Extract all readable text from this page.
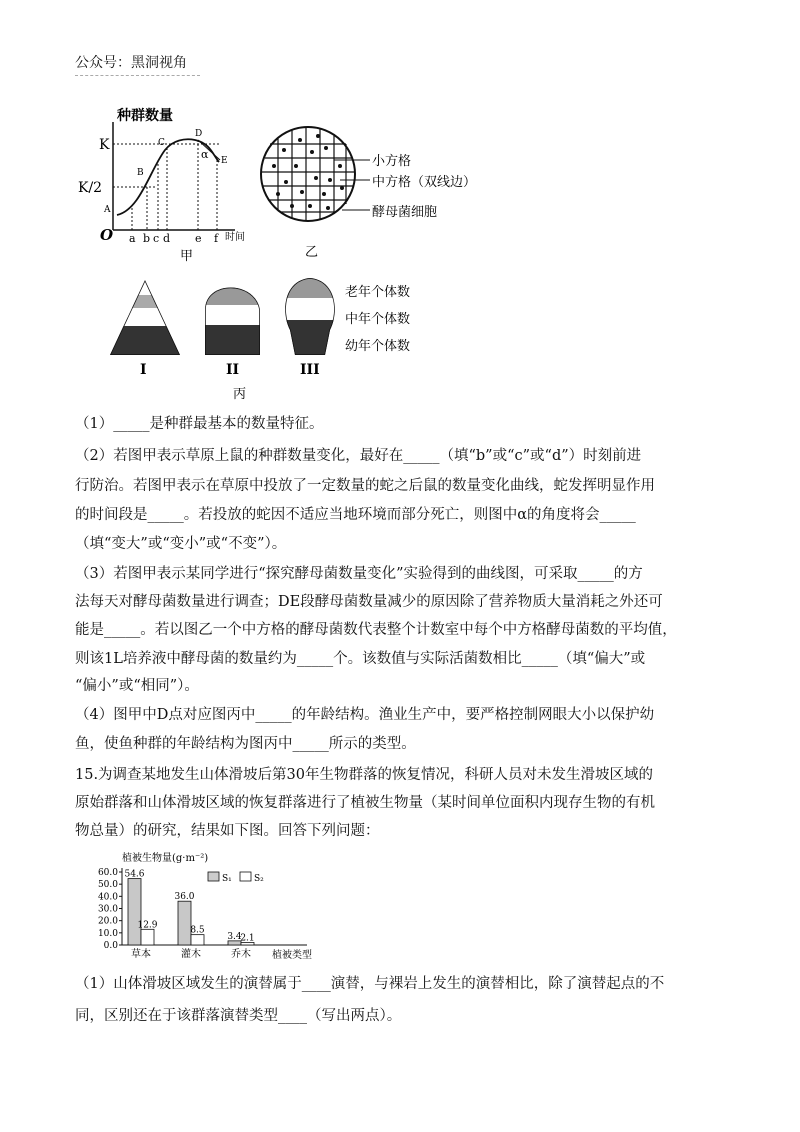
公众号：黑洞视角
种群数量
K
K/2
O
A
B
C
D
E
α
a b c d e f 时间
甲
小方格
中方格（双线边）
酵母菌细胞
乙
老年个体数
中年个体数
幼年个体数
I	II	III
丙
（1）_____是种群最基本的数量特征。
（2）若图甲表示草原上鼠的种群数量变化，最好在_____（填“b”或“c”或“d”）时刻前进
行防治。若图甲表示在草原中投放了一定数量的蛇之后鼠的数量变化曲线，蛇发挥明显作用
的时间段是_____。若投放的蛇因不适应当地环境而部分死亡，则图中α的角度将会_____
（填“变大”或“变小”或“不变”）。
（3）若图甲表示某同学进行“探究酵母菌数量变化”实验得到的曲线图，可采取_____的方
法每天对酵母菌数量进行调查；DE段酵母菌数量减少的原因除了营养物质大量消耗之外还可
能是_____。若以图乙一个中方格的酵母菌数代表整个计数室中每个中方格酵母菌数的平均值，
则该1L培养液中酵母菌的数量约为_____个。该数值与实际活菌数相比_____（填“偏大”或
“偏小”或“相同”）。
（4）图甲中D点对应图丙中_____的年龄结构。渔业生产中，要严格控制网眼大小以保护幼
鱼，使鱼种群的年龄结构为图丙中_____所示的类型。
15.为调查某地发生山体滑坡后第30年生物群落的恢复情况，科研人员对未发生滑坡区域的
原始群落和山体滑坡区域的恢复群落进行了植被生物量（某时间单位面积内现存生物的有机
物总量）的研究，结果如下图。回答下列问题：
植被生物量(g·m⁻²)
植被类型
S₁ S₂
60.0
50.0
40.0
30.0
20.0
10.0
0.0
54.6
12.9
草本
36.0
8.5
灌木
3.4
2.1
乔木
（1）山体滑坡区域发生的演替属于____演替，与裸岩上发生的演替相比，除了演替起点的不
同，区别还在于该群落演替类型____（写出两点）。
